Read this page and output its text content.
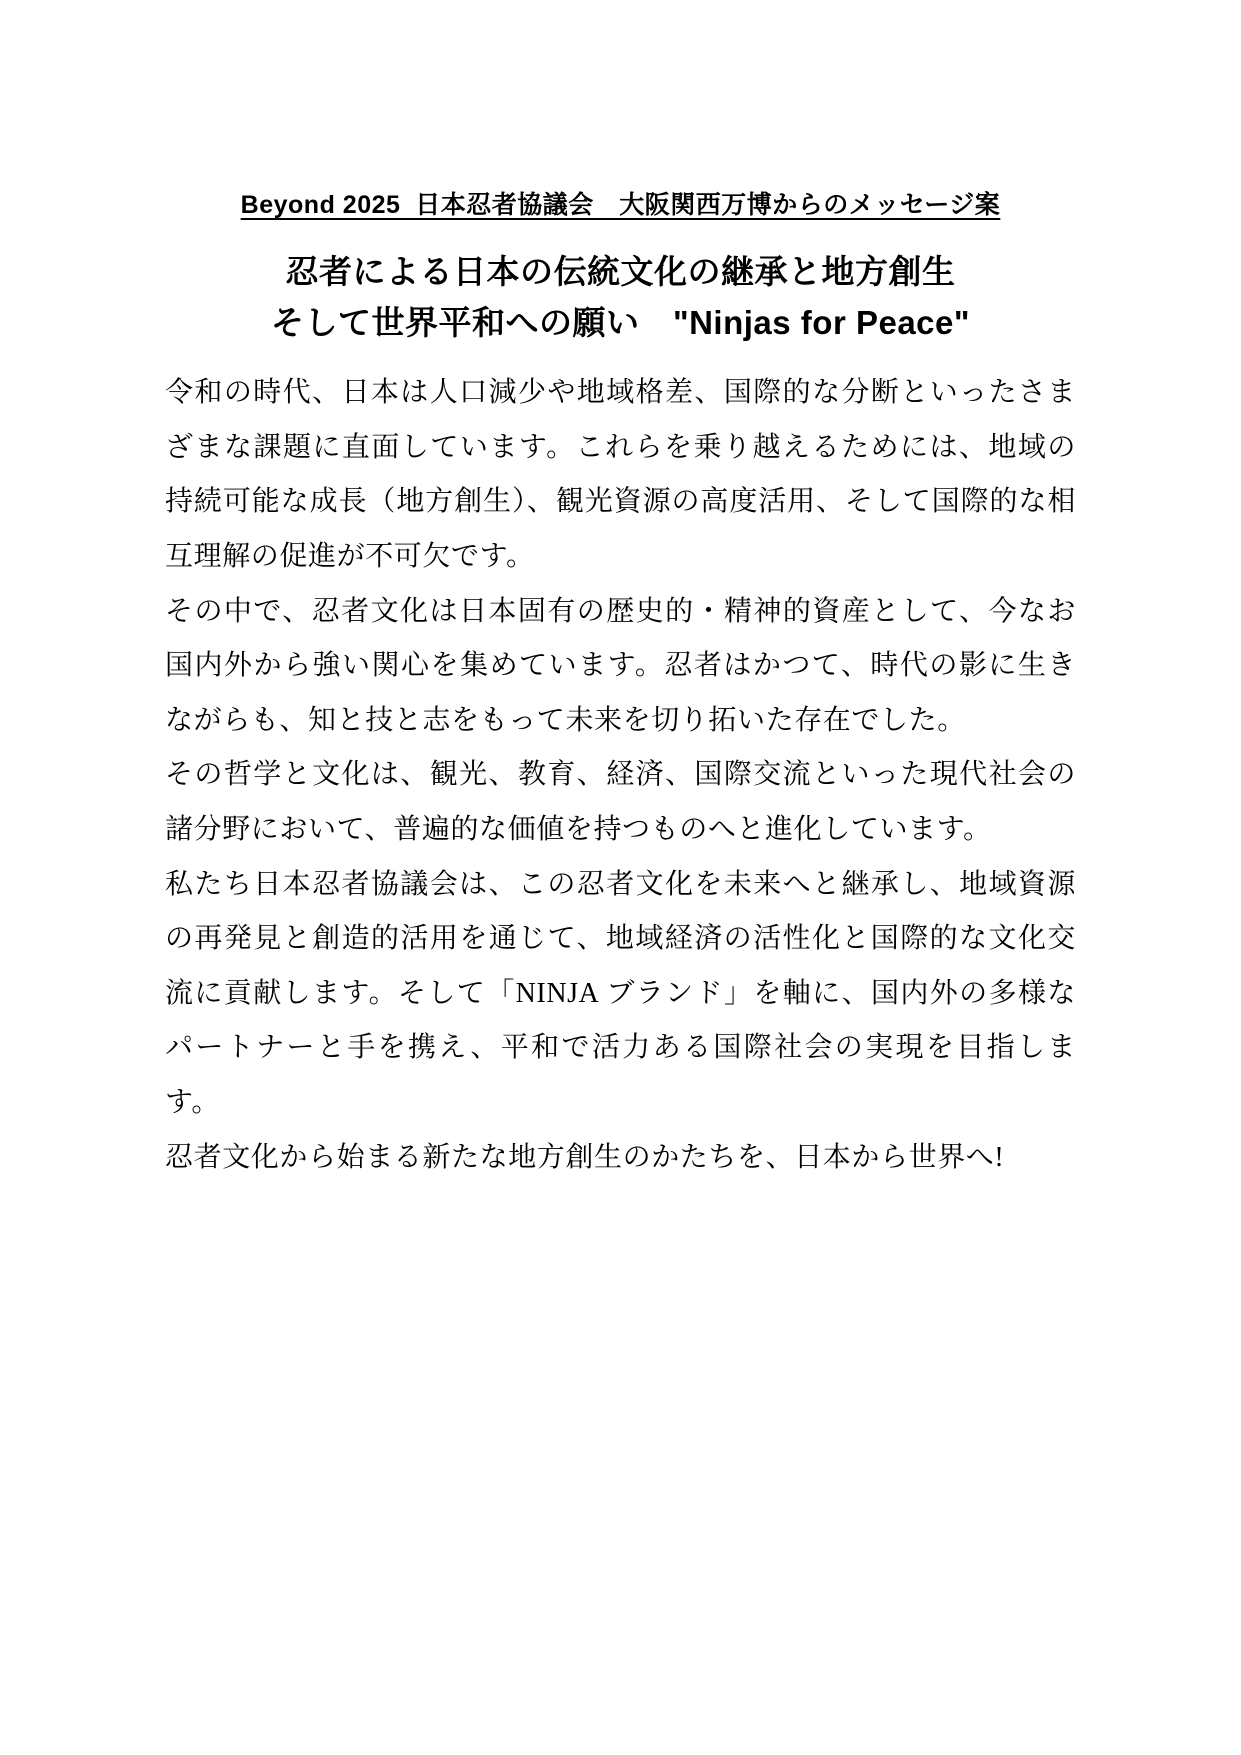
Beyond 2025  日本忍者協議会　大阪関西万博からのメッセージ案
忍者による日本の伝統文化の継承と地方創生
そして世界平和への願い　"Ninjas for Peace"

令和の時代、日本は人口減少や地域格差、国際的な分断といったさまざまな課題に直面しています。これらを乗り越えるためには、地域の持続可能な成長（地方創生）、観光資源の高度活用、そして国際的な相互理解の促進が不可欠です。

その中で、忍者文化は日本固有の歴史的・精神的資産として、今なお国内外から強い関心を集めています。忍者はかつて、時代の影に生きながらも、知と技と志をもって未来を切り拓いた存在でした。

その哲学と文化は、観光、教育、経済、国際交流といった現代社会の諸分野において、普遍的な価値を持つものへと進化しています。

私たち日本忍者協議会は、この忍者文化を未来へと継承し、地域資源の再発見と創造的活用を通じて、地域経済の活性化と国際的な文化交流に貢献します。そして「NINJA ブランド」を軸に、国内外の多様なパートナーと手を携え、平和で活力ある国際社会の実現を目指します。

忍者文化から始まる新たな地方創生のかたちを、日本から世界へ!
